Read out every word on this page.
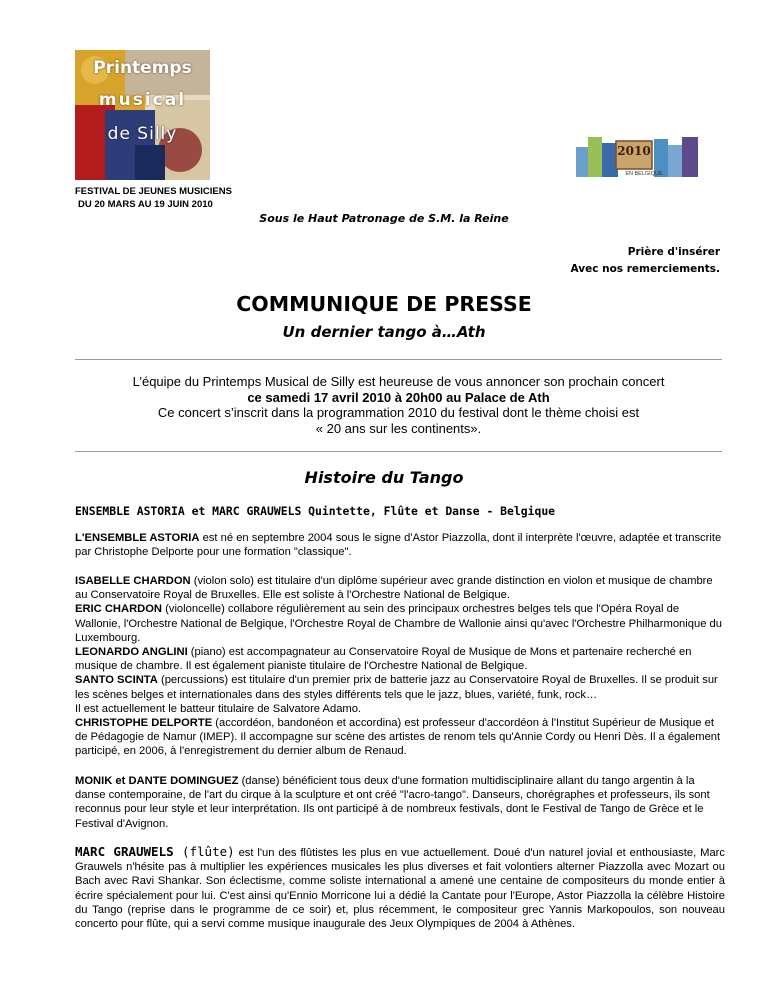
Printemps
musical
de Silly
FESTIVAL DE JEUNES MUSICIENS
DU 20 MARS AU 19 JUIN 2010
2010
EN BELGIQUE
Sous le Haut Patronage de S.M. la Reine
Prière d'insérer
Avec nos remerciements.
COMMUNIQUE DE PRESSE
Un dernier tango à…Ath
L’équipe du Printemps Musical de Silly est heureuse de vous annoncer son prochain concert
ce samedi 17 avril 2010 à 20h00 au Palace de Ath
Ce concert s’inscrit dans la programmation 2010 du festival dont le thème choisi est
« 20 ans sur les continents».
Histoire du Tango
ENSEMBLE ASTORIA et MARC GRAUWELS Quintette, Flûte et Danse - Belgique
L'ENSEMBLE ASTORIA est né en septembre 2004 sous le signe d'Astor Piazzolla, dont il interprète l'œuvre, adaptée et transcrite par Christophe Delporte pour une formation "classique".
ISABELLE CHARDON (violon solo) est titulaire d'un diplôme supérieur avec grande distinction en violon et musique de chambre au Conservatoire Royal de Bruxelles. Elle est soliste à l'Orchestre National de Belgique.
ERIC CHARDON (violoncelle) collabore régulièrement au sein des principaux orchestres belges tels que l'Opéra Royal de Wallonie, l'Orchestre National de Belgique, l'Orchestre Royal de Chambre de Wallonie ainsi qu'avec l'Orchestre Philharmonique du Luxembourg.
LEONARDO ANGLINI (piano) est accompagnateur au Conservatoire Royal de Musique de Mons et partenaire recherché en musique de chambre. Il est également pianiste titulaire de l'Orchestre National de Belgique.
SANTO SCINTA (percussions) est titulaire d'un premier prix de batterie jazz au Conservatoire Royal de Bruxelles. Il se produit sur les scènes belges et internationales dans des styles différents tels que le jazz, blues, variété, funk, rock…
Il est actuellement le batteur titulaire de Salvatore Adamo.
CHRISTOPHE DELPORTE (accordéon, bandonéon et accordina) est professeur d'accordéon à l'Institut Supérieur de Musique et de Pédagogie de Namur (IMEP). Il accompagne sur scène des artistes de renom tels qu'Annie Cordy ou Henri Dès. Il a également participé, en 2006, à l'enregistrement du dernier album de Renaud.
MONIK et DANTE DOMINGUEZ (danse) bénéficient tous deux d'une formation multidisciplinaire allant du tango argentin à la danse contemporaine, de l'art du cirque à la sculpture et ont créé "l'acro-tango". Danseurs, chorégraphes et professeurs, ils sont reconnus pour leur style et leur interprétation. Ils ont participé à de nombreux festivals, dont le Festival de Tango de Grèce et le Festival d'Avignon.
MARC GRAUWELS (flûte) est l'un des flûtistes les plus en vue actuellement. Doué d'un naturel jovial et enthousiaste, Marc Grauwels n'hésite pas à multiplier les expériences musicales les plus diverses et fait volontiers alterner Piazzolla avec Mozart ou Bach avec Ravi Shankar. Son éclectisme, comme soliste international a amené une centaine de compositeurs du monde entier à écrire spécialement pour lui. C'est ainsi qu'Ennio Morricone lui a dédié la Cantate pour l'Europe, Astor Piazzolla la célèbre Histoire du Tango (reprise dans le programme de ce soir) et, plus récemment, le compositeur grec Yannis Markopoulos, son nouveau concerto pour flûte, qui a servi comme musique inaugurale des Jeux Olympiques de 2004 à Athènes.
